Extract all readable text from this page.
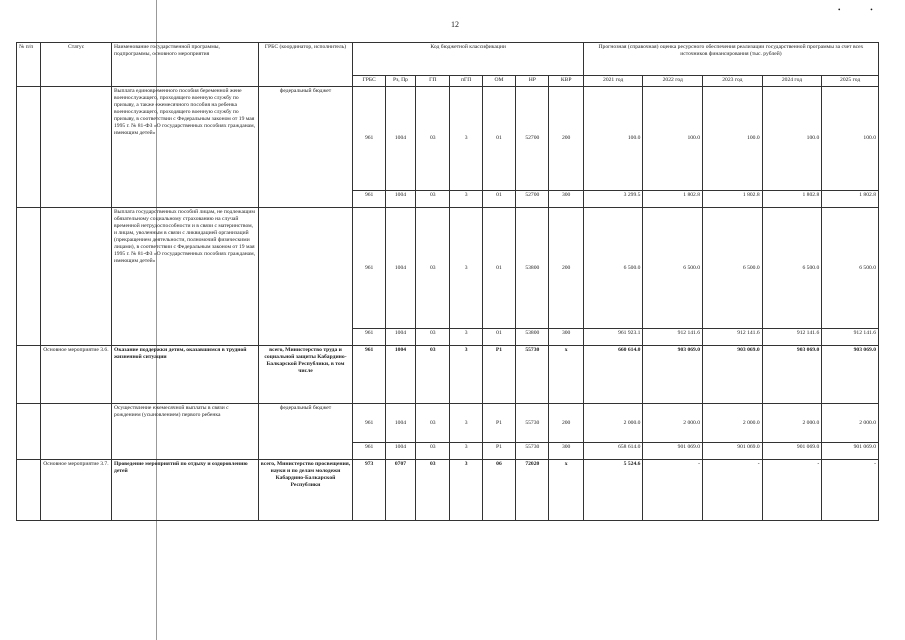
12
• •
№ п/п	Статус	Наименование государственной программы, подпрограммы, основного мероприятия	ГРБС (координатор, исполнитель)	Код бюджетной классификации							Прогнозная (справочная) оценка ресурсного обеспечения реализации государственной программы за счет всех источников финансирования (тыс. рублей)				
				ГРБС	Рз, Пр	ГП	пГП	ОМ	НР	КВР	2021 год	2022 год	2023 год	2024 год	2025 год
		Выплата единовременного пособия беременной жене военнослужащего, проходящего военную службу по призыву, а также ежемесячного пособия на ребенка военнослужащего, проходящего военную службу по призыву, в соответствии с Федеральным законом от 19 мая 1995 г. № 81-ФЗ «О государственных пособиях гражданам, имеющим детей»	федеральный бюджет	961	1004	03	3	01	52700	200	100.0	100.0	100.0	100.0	100.0
				961	1004	03	3	01	52700	300	3 299.5	1 802.8	1 802.8	1 802.8	1 802.8
		Выплата государственных пособий лицам, не подлежащим обязательному социальному страхованию на случай временной нетрудоспособности и в связи с материнством, и лицам, уволенным в связи с ликвидацией организаций (прекращением деятельности, полномочий физическими лицами), в соответствии с Федеральным законом от 19 мая 1995 г. № 81-ФЗ «О государственных пособиях гражданам, имеющим детей»		961	1004	03	3	01	53800	200	6 500.0	6 500.0	6 500.0	6 500.0	6 500.0
				961	1004	03	3	01	53800	300	961 923.1	912 141.6	912 141.6	912 141.6	912 141.6
	Основное мероприятие 3.6.	Оказание поддержки детям, оказавшимся в трудной жизненной ситуации	всего, Министерство труда и социальной защиты Кабардино-Балкарской Республики, в том числе	961	1004	03	3	P1	55730	х	660 614.0	903 069.0	903 069.0	903 069.0	903 069.0
		Осуществление ежемесячной выплаты в связи с рождением (усыновлением) первого ребенка	федеральный бюджет	961	1004	03	3	P1	55730	200	2 000.0	2 000.0	2 000.0	2 000.0	2 000.0
				961	1004	03	3	P1	55730	300	658 614.0	901 069.0	901 069.0	901 069.0	901 069.0
	Основное мероприятие 3.7.	Проведение мероприятий по отдыху и оздоровлению детей	всего, Министерство просвещения, науки и по делам молодежи Кабардино-Балкарской Республики	973	0707	03	3	06	72020	х	5 524.6	-	-	-	-
